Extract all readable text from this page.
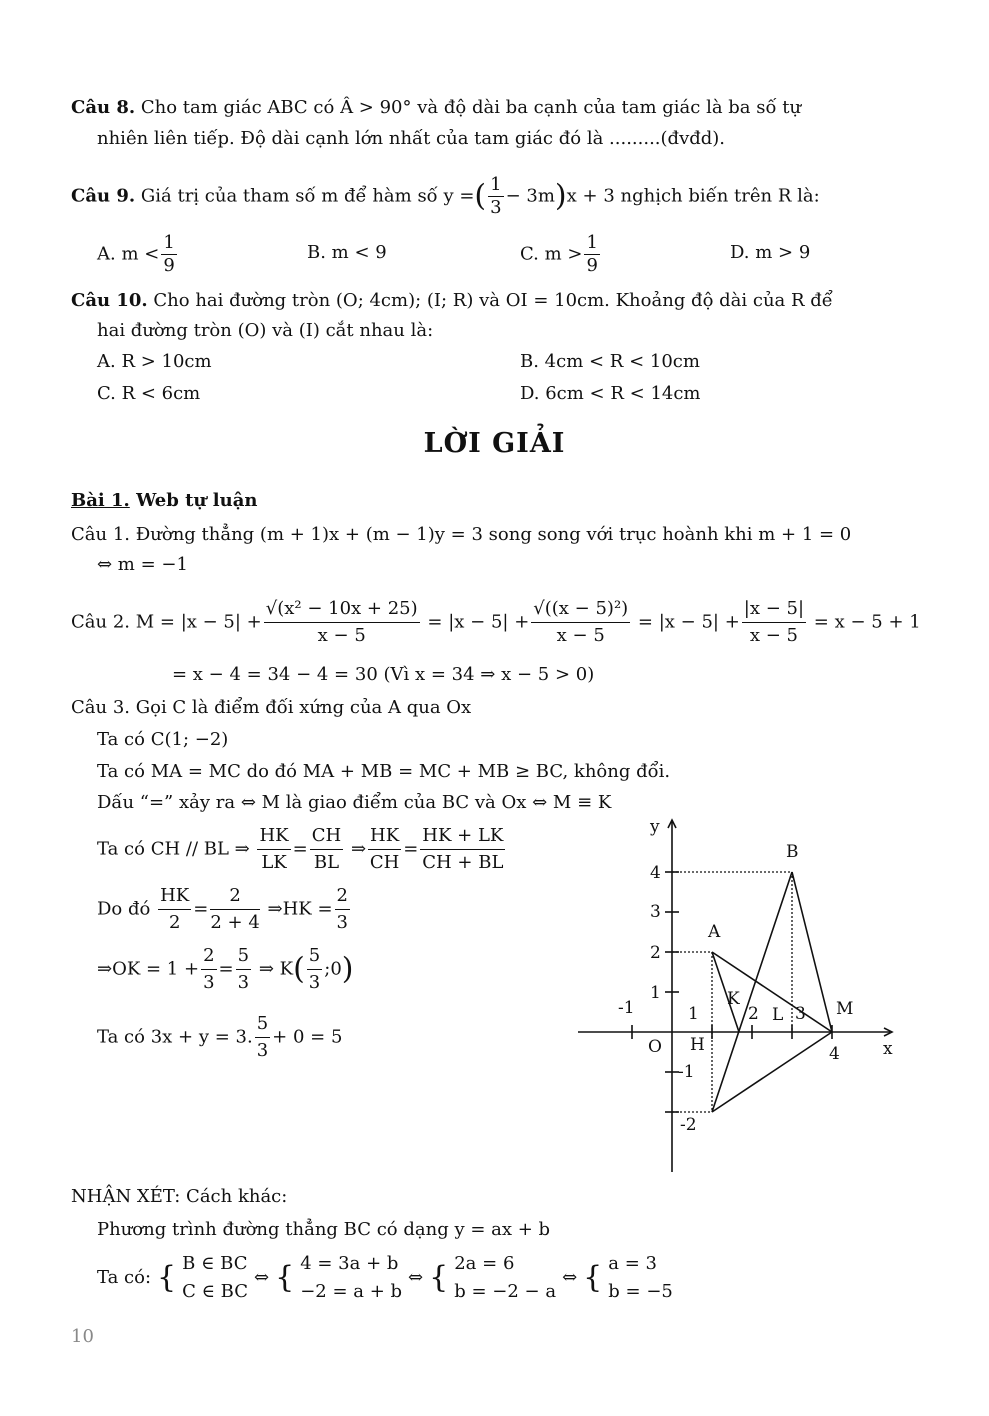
Câu 8. Cho tam giác ABC có Â > 90° và độ dài ba cạnh của tam giác là ba số tự
nhiên liên tiếp. Độ dài cạnh lớn nhất của tam giác đó là .........(đvđd).
Câu 9. Giá trị của tham số m để hàm số y =( $\frac{1}{3} - 3m)x + 3$ nghịch biến trên R là:
A. $m < \frac{1}{9}$	B. m < 9	C. $m > \frac{1}{9}$	D. m > 9
Câu 10. Cho hai đường tròn (O; 4cm); (I; R) và OI = 10cm. Khoảng độ dài của R để
hai đường tròn (O) và (I) cắt nhau là:
A. R > 10cm	B. 4cm < R < 10cm
C. R < 6cm	D. 6cm < R < 14cm
LỜI GIẢI
Bài 1. Web tự luận
Câu 1. Đường thẳng (m + 1)x + (m − 1)y = 3 song song với trục hoành khi m + 1 = 0
⇔ m = −1
Câu 2. $M = |x - 5| + \frac{\text{√(x² − 10x + 25)}}{x - 5} = |x - 5| + \frac{\text{√((x − 5)²)}}{x - 5} = |x - 5| + \frac{|x - 5|}{x - 5} = x - 5 + 1$
= x − 4 = 34 − 4 = 30 (Vì x = 34 ⇒ x − 5 > 0)
Câu 3. Gọi C là điểm đối xứng của A qua Ox
Ta có C(1; −2)
Ta có MA = MC do đó MA + MB = MC + MB ≥ BC, không đổi.
Dấu “=” xảy ra ⇔ M là giao điểm của BC và Ox ⇔ M ≡ K
Ta có CH // BL ⇒ $\frac{HK}{LK} = \frac{CH}{BL}$ ⇒ $\frac{HK}{CH} = \frac{HK + LK}{CH + BL}$
Do đó $\frac{HK}{2} = \frac{2}{2 + 4}$ ⇒HK = $\frac{2}{3}$
⇒OK = $1 + \frac{2}{3} = \frac{5}{3}$ ⇒ $K( \frac{5}{3}$ ;0)
Ta có 3x + y = 3. $\frac{5}{3} + 0 = 5$
x
y
O
B
A
K
L	M
H
-1	1	2 3
4
4
3
2
1
-1
-2
NHẬN XÉT: Cách khác:
Phương trình đường thẳng BC có dạng y = ax + b
Ta có: { B ∈ BC
C ∈ BC
⇔ { 4 = 3a + b
−2 = a + b
⇔ { 2a = 6
b = −2 − a
⇔ { a = 3
b = −5
10
